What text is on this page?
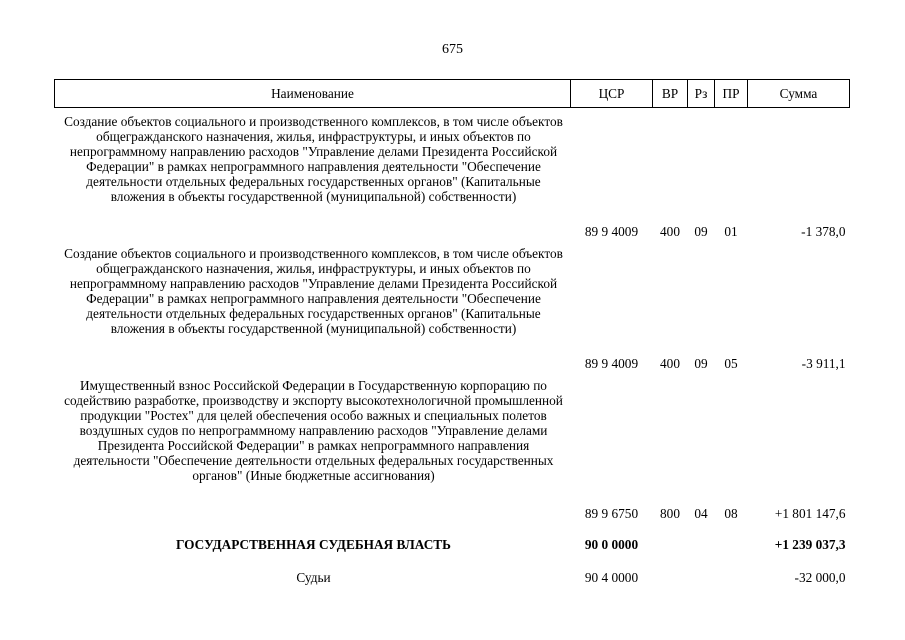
675
Наименование	ЦСР	ВР	Рз	ПР	Сумма

Создание объектов социального и производственного комплексов, в том числе объектов общегражданского назначения, жилья, инфраструктуры, и иных объектов по непрограммному направлению расходов "Управление делами Президента Российской Федерации" в рамках непрограммного направления деятельности "Обеспечение деятельности отдельных федеральных государственных органов" (Капитальные вложения в объекты государственной (муниципальной) собственности)	89 9 4009	400	09	01	-1 378,0

Создание объектов социального и производственного комплексов, в том числе объектов общегражданского назначения, жилья, инфраструктуры, и иных объектов по непрограммному направлению расходов "Управление делами Президента Российской Федерации" в рамках непрограммного направления деятельности "Обеспечение деятельности отдельных федеральных государственных органов" (Капитальные вложения в объекты государственной (муниципальной) собственности)	89 9 4009	400	09	05	-3 911,1

Имущественный взнос Российской Федерации в Государственную корпорацию по содействию разработке, производству и экспорту высокотехнологичной промышленной продукции "Ростех" для целей обеспечения особо важных и специальных полетов воздушных судов по непрограммному направлению расходов "Управление делами Президента Российской Федерации" в рамках непрограммного направления деятельности "Обеспечение деятельности отдельных федеральных государственных органов" (Иные бюджетные ассигнования)	89 9 6750	800	04	08	+1 801 147,6

ГОСУДАРСТВЕННАЯ СУДЕБНАЯ ВЛАСТЬ	90 0 0000				+1 239 037,3

Судьи	90 4 0000				-32 000,0
